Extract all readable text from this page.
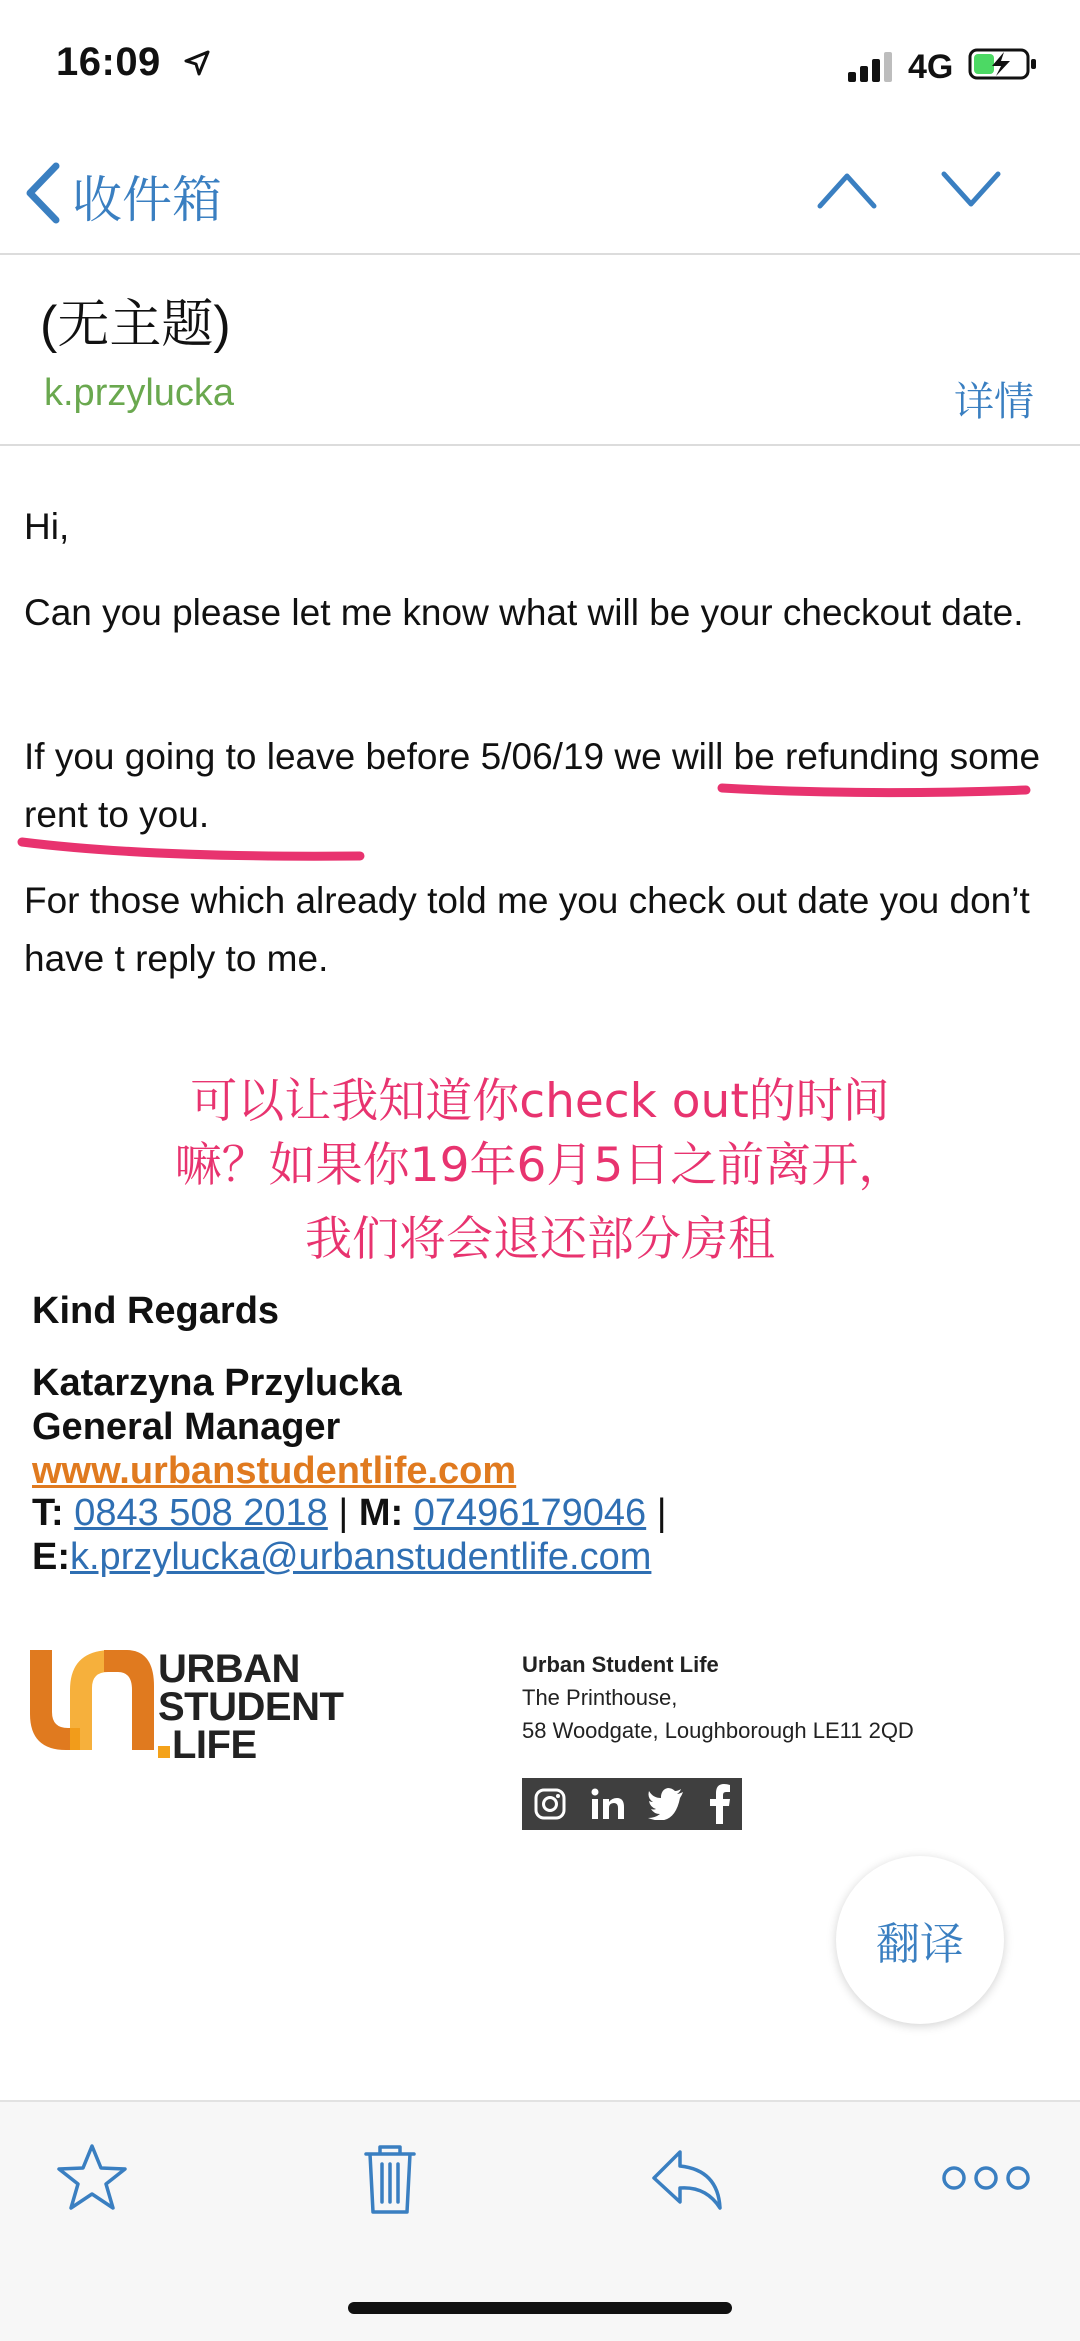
16:09	4G
收件箱
(无主题)
k.przylucka	详情
Hi,
Can you please let me know what will be your checkout date.
If you going to leave before 5/06/19 we will be refunding some rent to you.
For those which already told me you check out date you don’t have t reply to me.
可以让我知道你check out的时间
嘛？如果你19年6月5日之前离开，
我们将会退还部分房租
Kind Regards
Katarzyna Przylucka
General Manager
www.urbanstudentlife.com
T: 0843 508 2018 | M: 07496179046 |
E:k.przylucka@urbanstudentlife.com
URBAN
STUDENT
LIFE
Urban Student Life
The Printhouse,
58 Woodgate, Loughborough LE11 2QD
翻译
